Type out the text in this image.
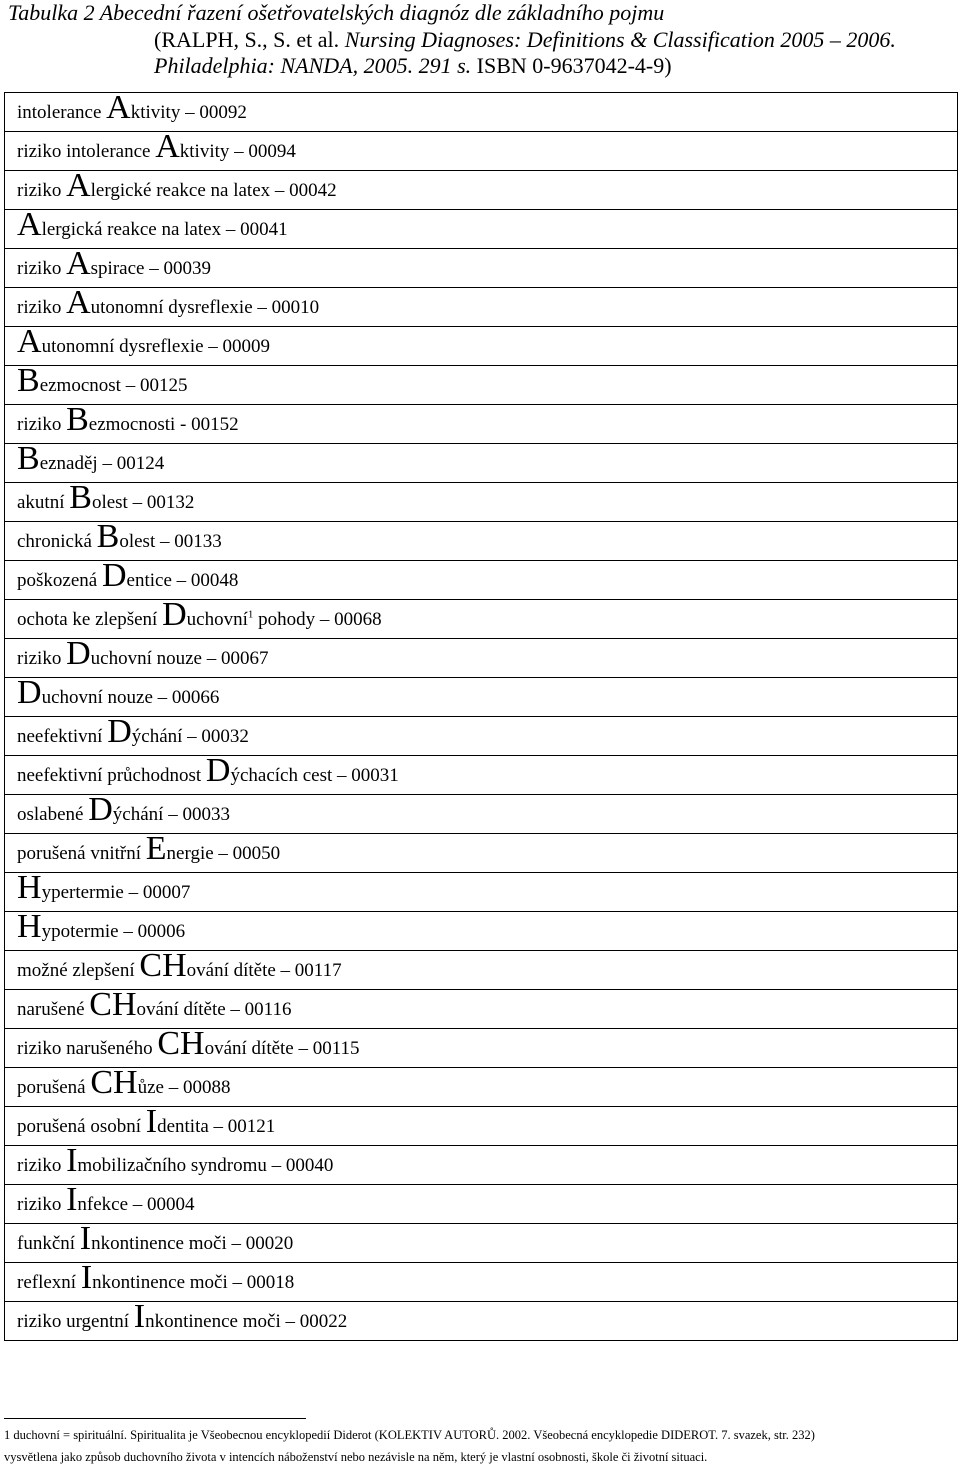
Tabulka 2 Abecední řazení ošetřovatelských diagnóz dle základního pojmu

(RALPH, S., S. et al. Nursing Diagnoses: Definitions & Classification 2005 – 2006.
Philadelphia: NANDA, 2005. 291 s. ISBN 0-9637042-4-9)
intolerance Aktivity – 00092
riziko intolerance Aktivity – 00094
riziko Alergické reakce na latex – 00042
Alergická reakce na latex – 00041
riziko Aspirace – 00039
riziko Autonomní dysreflexie – 00010
Autonomní dysreflexie – 00009
Bezmocnost – 00125
riziko Bezmocnosti - 00152
Beznaděj – 00124
akutní Bolest – 00132
chronická Bolest – 00133
poškozená Dentice – 00048
ochota ke zlepšení Duchovní$^1$ pohody – 00068
riziko Duchovní nouze – 00067
Duchovní nouze – 00066
neefektivní Dýchání – 00032
neefektivní průchodnost Dýchacích cest – 00031
oslabené Dýchání – 00033
porušená vnitřní Energie – 00050
Hypertermie – 00007
Hypotermie – 00006
možné zlepšení CHování dítěte – 00117
narušené CHování dítěte – 00116
riziko narušeného CHování dítěte – 00115
porušená CHůze – 00088
porušená osobní Identita – 00121
riziko Imobilizačního syndromu – 00040
riziko Infekce – 00004
funkční Inkontinence moči – 00020
reflexní Inkontinence moči – 00018
riziko urgentní Inkontinence moči – 00022
1 duchovní = spirituální. Spiritualita je Všeobecnou encyklopedií Diderot (KOLEKTIV AUTORŮ. 2002. Všeobecná encyklopedie DIDEROT. 7. svazek, str. 232)
vysvětlena jako způsob duchovního života v intencích náboženství nebo nezávisle na něm, který je vlastní osobnosti, škole či životní situaci.
